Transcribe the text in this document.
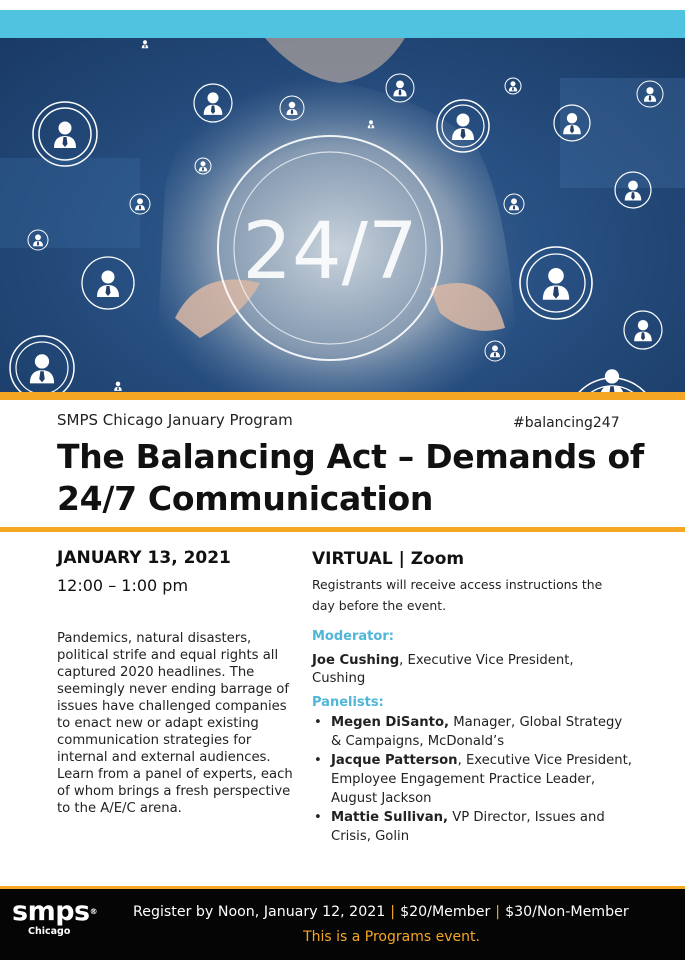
24/7
SMPS Chicago January Program	#balancing247
The Balancing Act – Demands of 24/7 Communication
JANUARY 13, 2021
12:00 – 1:00 pm
Pandemics, natural disasters, political strife and equal rights all captured 2020 headlines. The seemingly never ending barrage of issues have challenged companies to enact new or adapt existing communication strategies for internal and external audiences. Learn from a panel of experts, each of whom brings a fresh perspective to the A/E/C arena.
VIRTUAL | Zoom
Registrants will receive access instructions the day before the event.
Moderator:
Joe Cushing, Executive Vice President, Cushing
Panelists:
• Megen DiSanto, Manager, Global Strategy & Campaigns, McDonald’s
• Jacque Patterson, Executive Vice President, Employee Engagement Practice Leader, August Jackson
• Mattie Sullivan, VP Director, Issues and Crisis, Golin
smps®
Chicago
Register by Noon, January 12, 2021 | $20/Member | $30/Non-Member
This is a Programs event.
